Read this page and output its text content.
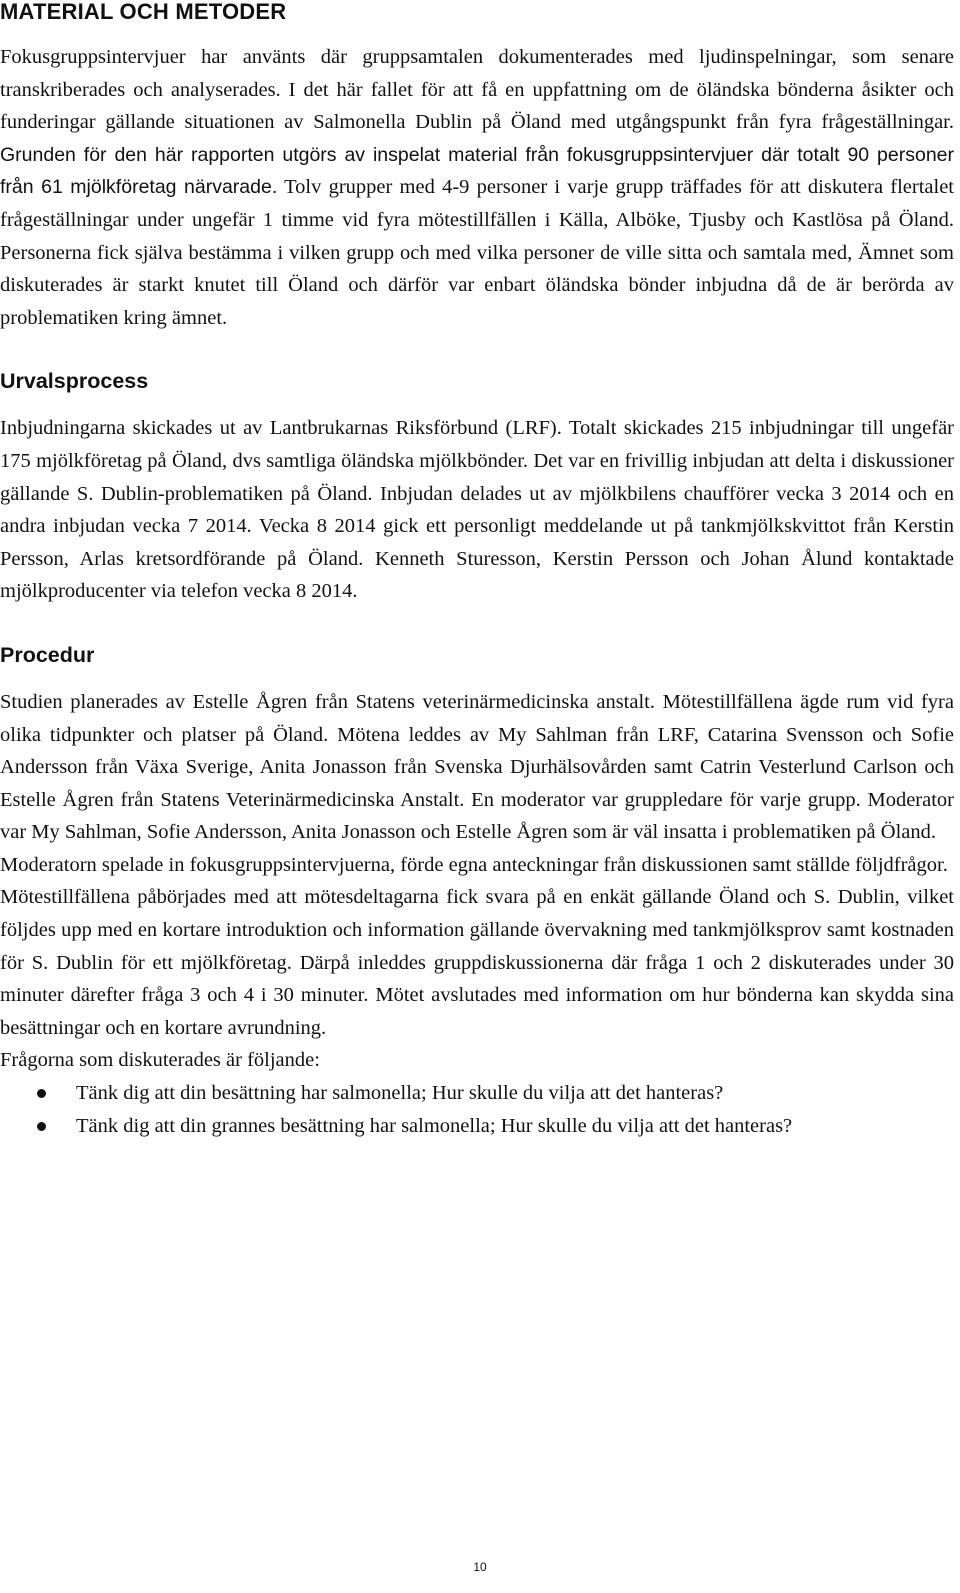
MATERIAL OCH METODER

Fokusgruppsintervjuer har använts där gruppsamtalen dokumenterades med ljudinspelningar, som senare transkriberades och analyserades. I det här fallet för att få en uppfattning om de öländska bönderna åsikter och funderingar gällande situationen av Salmonella Dublin på Öland med utgångspunkt från fyra frågeställningar. Grunden för den här rapporten utgörs av inspelat material från fokusgruppsintervjuer där totalt 90 personer från 61 mjölkföretag närvarade. Tolv grupper med 4-9 personer i varje grupp träffades för att diskutera flertalet frågeställningar under ungefär 1 timme vid fyra mötestillfällen i Källa, Alböke, Tjusby och Kastlösa på Öland. Personerna fick själva bestämma i vilken grupp och med vilka personer de ville sitta och samtala med, Ämnet som diskuterades är starkt knutet till Öland och därför var enbart öländska bönder inbjudna då de är berörda av problematiken kring ämnet.

Urvalsprocess

Inbjudningarna skickades ut av Lantbrukarnas Riksförbund (LRF). Totalt skickades 215 inbjudningar till ungefär 175 mjölkföretag på Öland, dvs samtliga öländska mjölkbönder. Det var en frivillig inbjudan att delta i diskussioner gällande S. Dublin-problematiken på Öland. Inbjudan delades ut av mjölkbilens chaufförer vecka 3 2014 och en andra inbjudan vecka 7 2014. Vecka 8 2014 gick ett personligt meddelande ut på tankmjölkskvittot från Kerstin Persson, Arlas kretsordförande på Öland. Kenneth Sturesson, Kerstin Persson och Johan Ålund kontaktade mjölkproducenter via telefon vecka 8 2014.

Procedur

Studien planerades av Estelle Ågren från Statens veterinärmedicinska anstalt. Mötestillfällena ägde rum vid fyra olika tidpunkter och platser på Öland. Mötena leddes av My Sahlman från LRF, Catarina Svensson och Sofie Andersson från Växa Sverige, Anita Jonasson från Svenska Djurhälsovården samt Catrin Vesterlund Carlson och Estelle Ågren från Statens Veterinärmedicinska Anstalt. En moderator var gruppledare för varje grupp. Moderator var My Sahlman, Sofie Andersson, Anita Jonasson och Estelle Ågren som är väl insatta i problematiken på Öland.

Moderatorn spelade in fokusgruppsintervjuerna, förde egna anteckningar från diskussionen samt ställde följdfrågor.

Mötestillfällena påbörjades med att mötesdeltagarna fick svara på en enkät gällande Öland och S. Dublin, vilket följdes upp med en kortare introduktion och information gällande övervakning med tankmjölksprov samt kostnaden för S. Dublin för ett mjölkföretag. Därpå inleddes gruppdiskussionerna där fråga 1 och 2 diskuterades under 30 minuter därefter fråga 3 och 4 i 30 minuter. Mötet avslutades med information om hur bönderna kan skydda sina besättningar och en kortare avrundning.

Frågorna som diskuterades är följande:

Tänk dig att din besättning har salmonella; Hur skulle du vilja att det hanteras?
Tänk dig att din grannes besättning har salmonella; Hur skulle du vilja att det hanteras?
10
